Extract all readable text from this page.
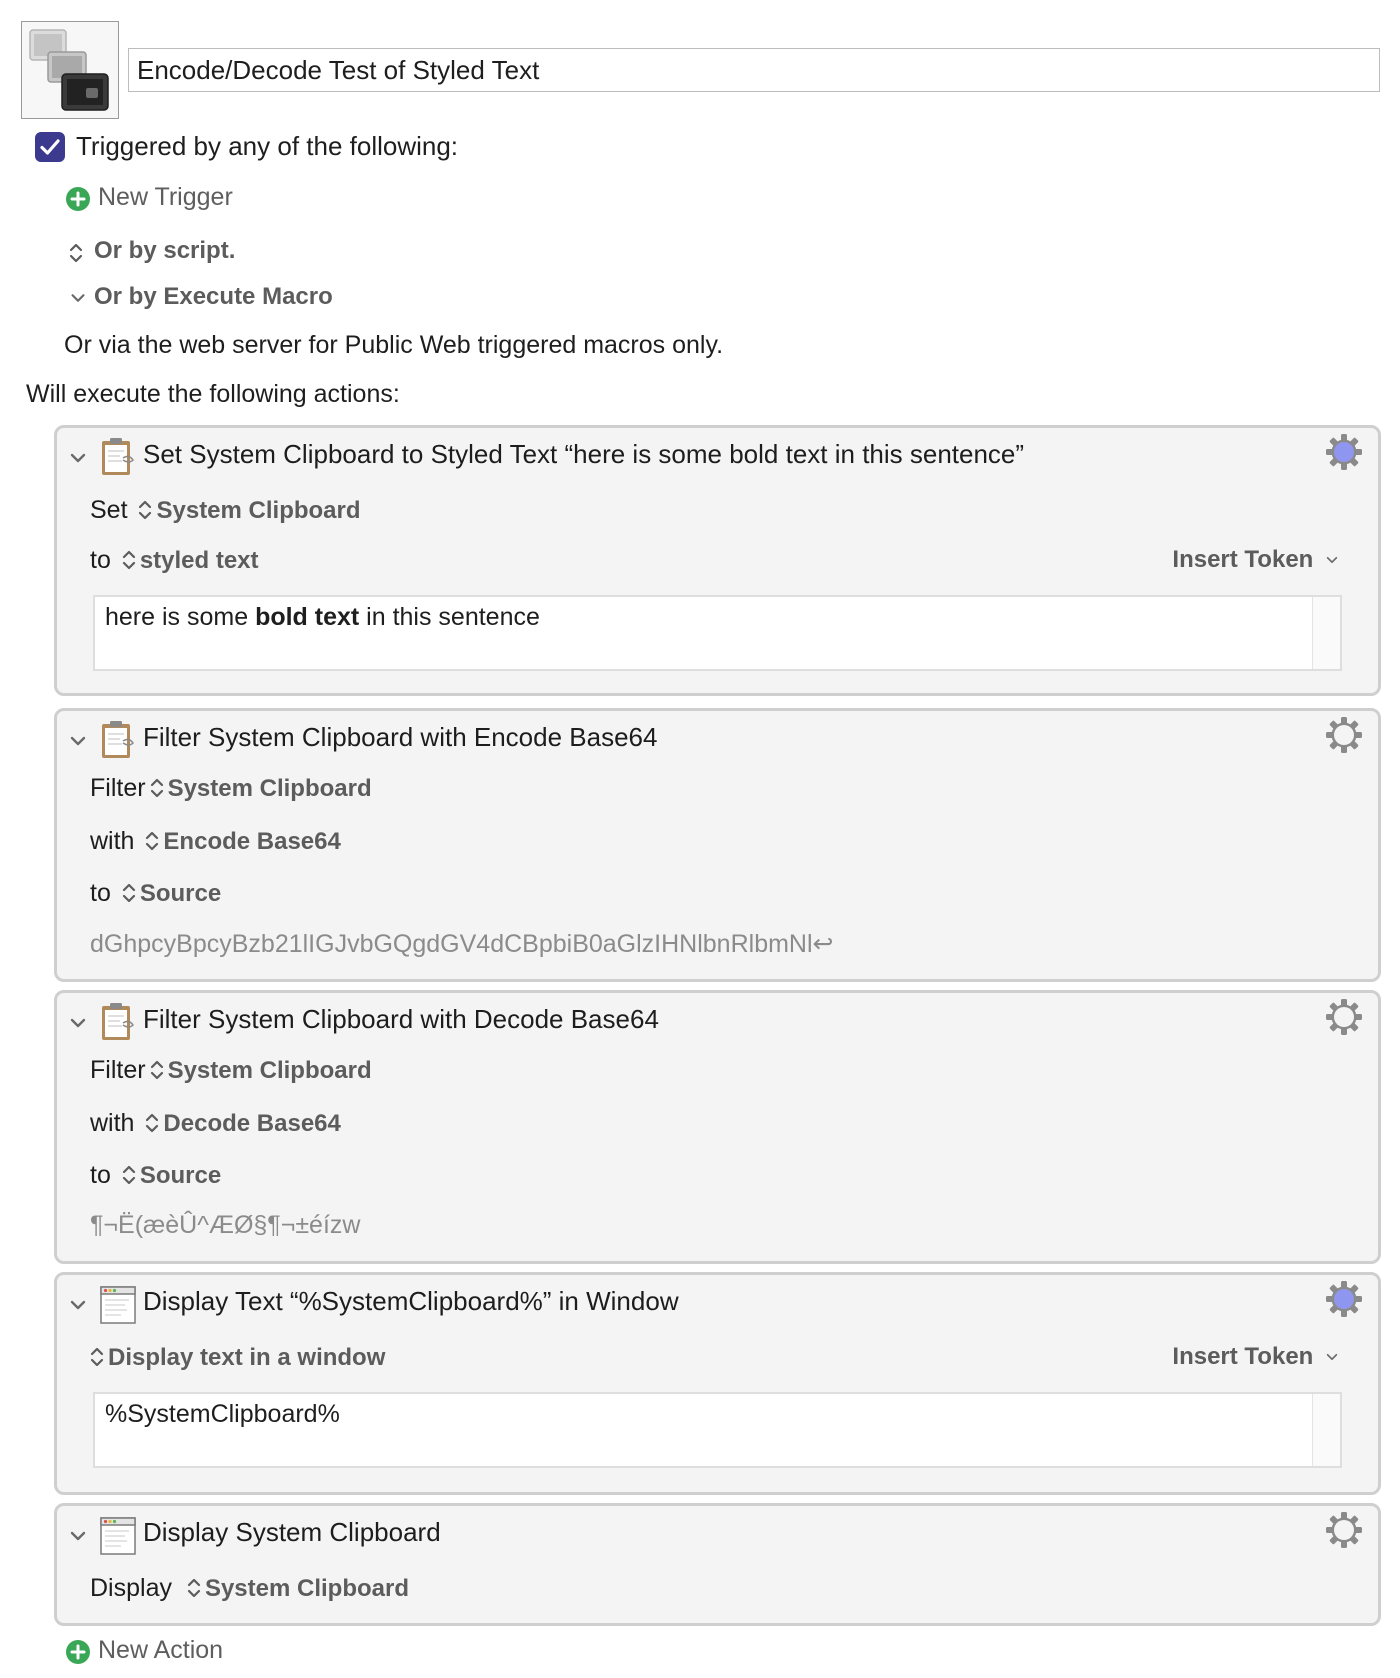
Encode/Decode Test of Styled Text
Triggered by any of the following:
New Trigger
Or by script.
Or by Execute Macro
Or via the web server for Public Web triggered macros only.
Will execute the following actions:
Set System Clipboard to Styled Text “here is some bold text in this sentence”
Set System Clipboard
to styled text	Insert Token
here is some bold text in this sentence
Filter System Clipboard with Encode Base64
Filter System Clipboard
with Encode Base64
to Source
dGhpcyBpcyBzb21lIGJvbGQgdGV4dCBpbiB0aGlzIHNlbnRlbmNl↩
Filter System Clipboard with Decode Base64
Filter System Clipboard
with Decode Base64
to Source
¶¬Ë(æèÛ^ÆØ§¶¬±éízw
Display Text “%SystemClipboard%” in Window
Display text in a window	Insert Token
%SystemClipboard%
Display System Clipboard
Display System Clipboard
New Action
